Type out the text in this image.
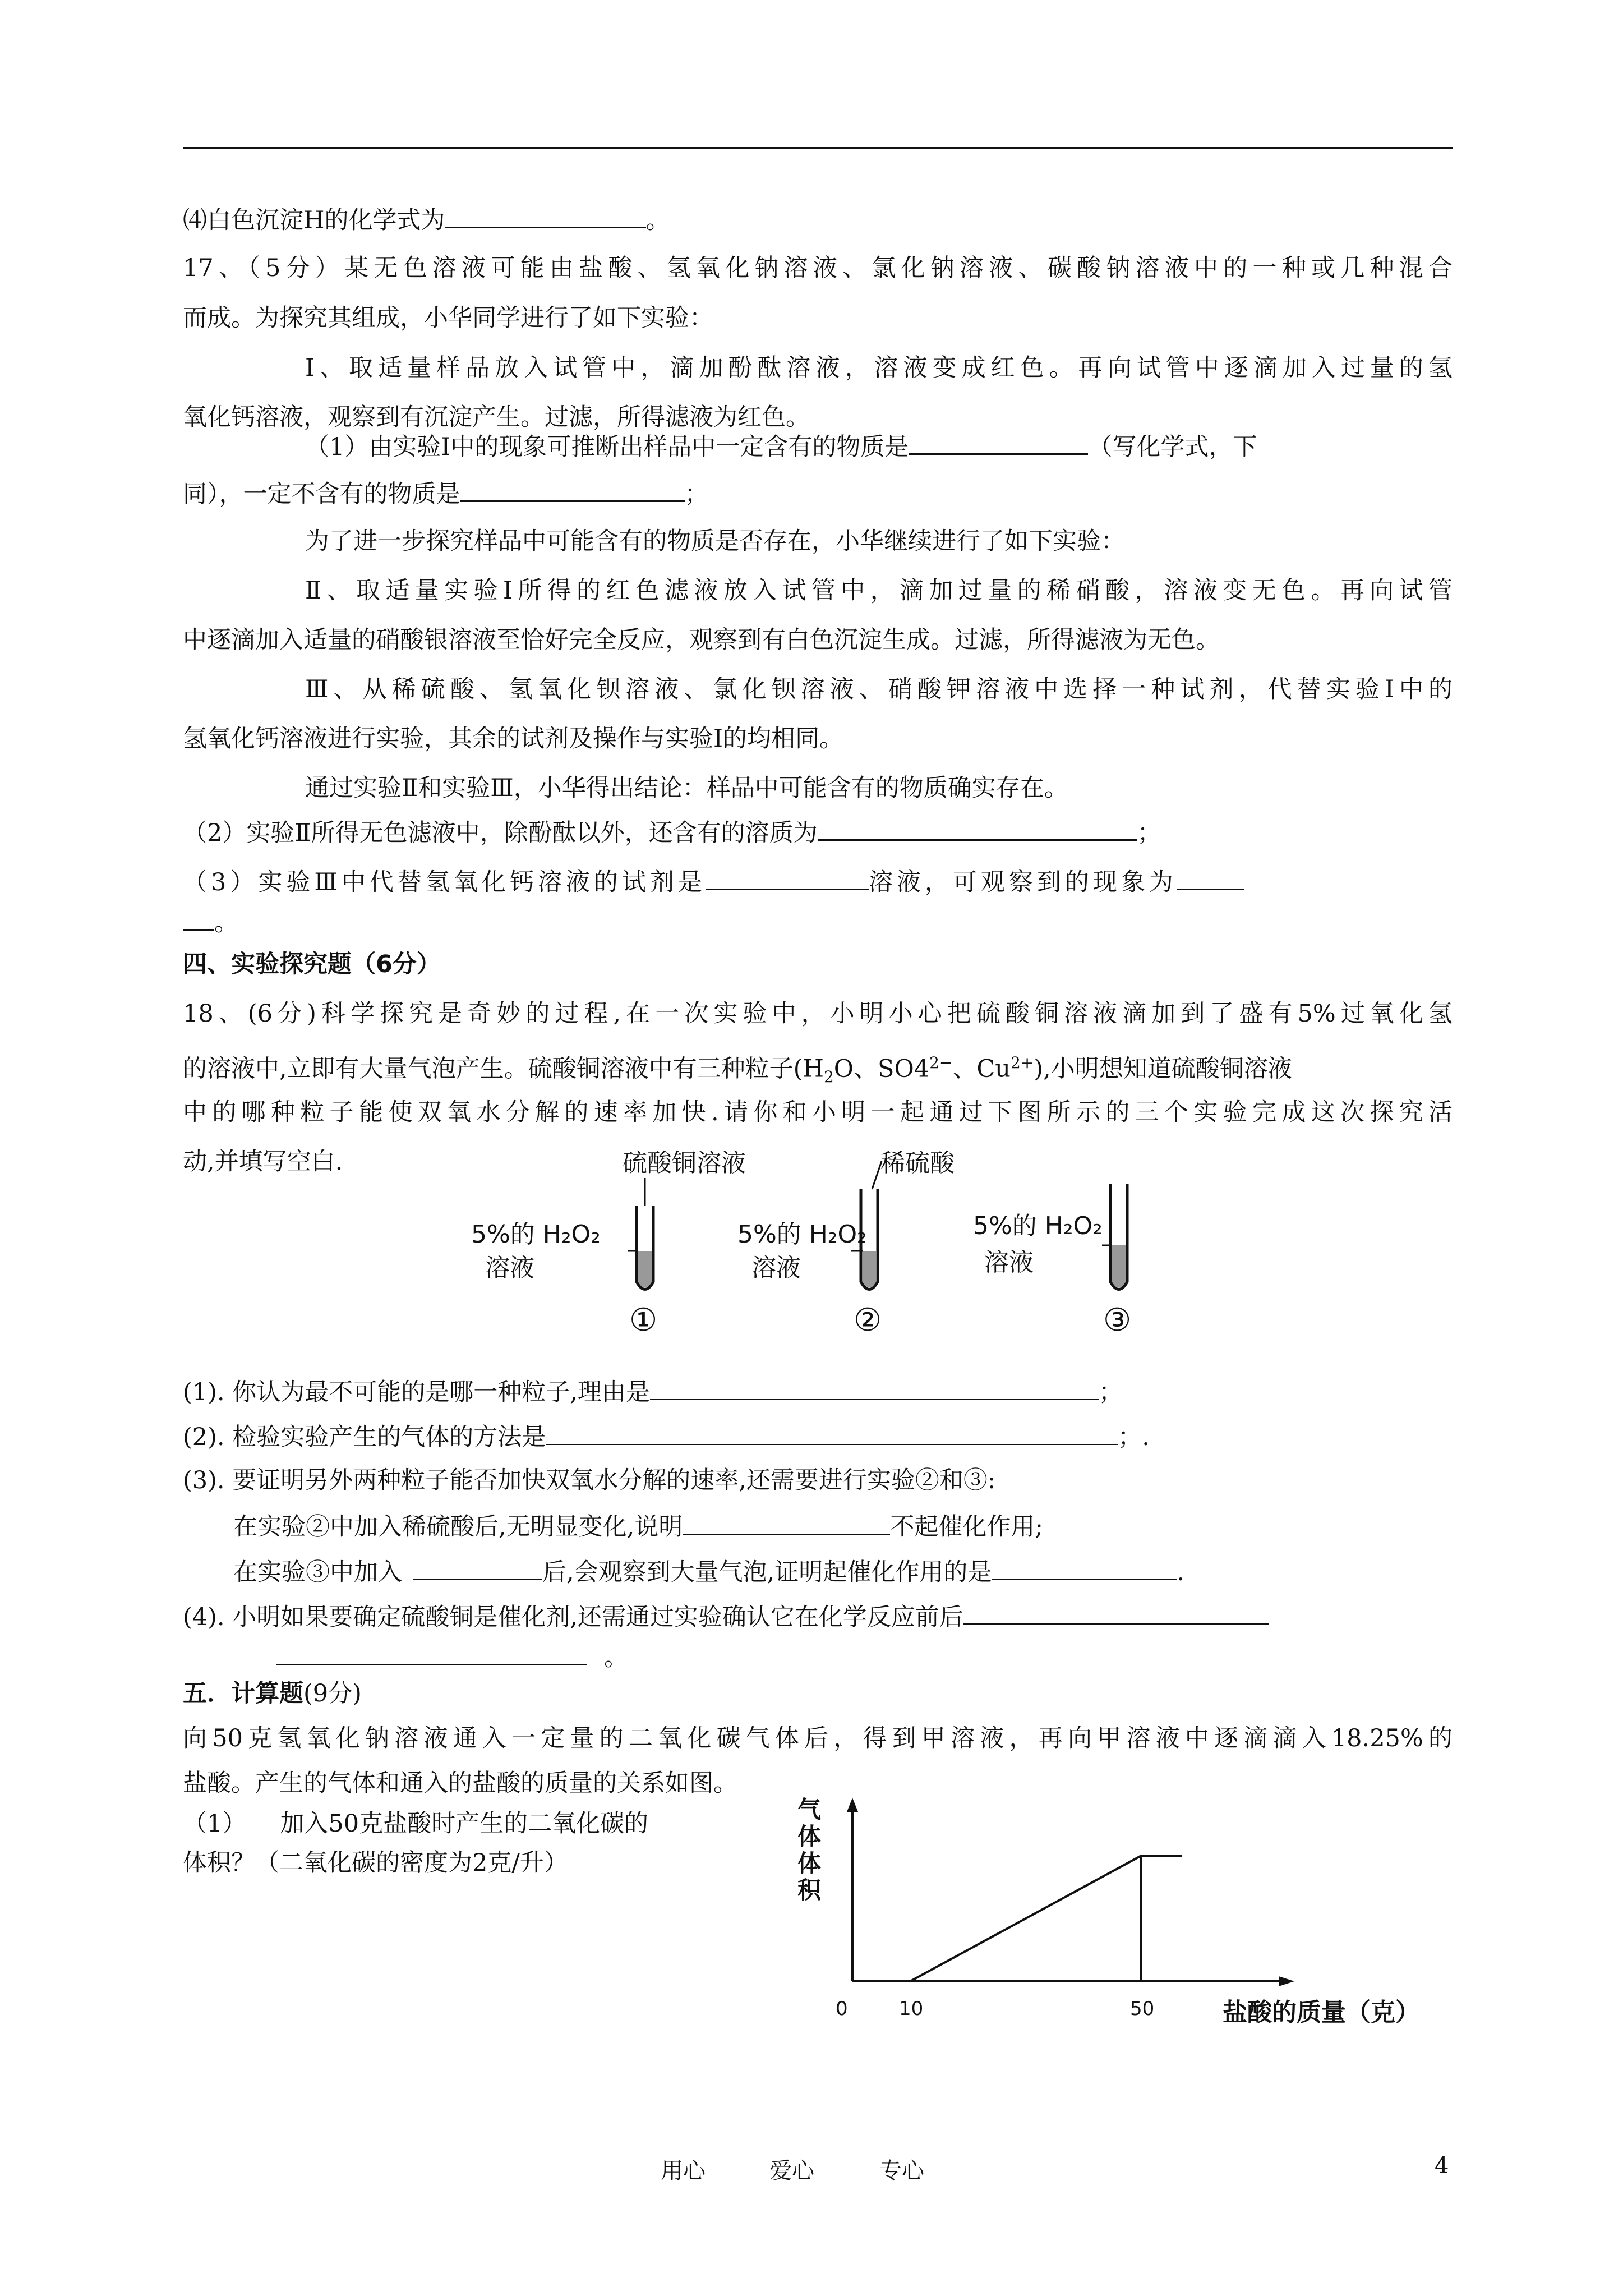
⑷白色沉淀H的化学式为	。
17、（5分）某无色溶液可能由盐酸、氢氧化钠溶液、氯化钠溶液、碳酸钠溶液中的一种或几种混合
而成。为探究其组成，小华同学进行了如下实验：
Ⅰ、取适量样品放入试管中，滴加酚酞溶液，溶液变成红色。再向试管中逐滴加入过量的氢
氧化钙溶液，观察到有沉淀产生。过滤，所得滤液为红色。
（1）由实验Ⅰ中的现象可推断出样品中一定含有的物质是	（写化学式，下
同），一定不含有的物质是	；
为了进一步探究样品中可能含有的物质是否存在，小华继续进行了如下实验：
Ⅱ、取适量实验Ⅰ所得的红色滤液放入试管中，滴加过量的稀硝酸，溶液变无色。再向试管
中逐滴加入适量的硝酸银溶液至恰好完全反应，观察到有白色沉淀生成。过滤，所得滤液为无色。
Ⅲ、从稀硫酸、氢氧化钡溶液、氯化钡溶液、硝酸钾溶液中选择一种试剂，代替实验Ⅰ中的
氢氧化钙溶液进行实验，其余的试剂及操作与实验Ⅰ的均相同。
通过实验Ⅱ和实验Ⅲ，小华得出结论：样品中可能含有的物质确实存在。
（2）实验Ⅱ所得无色滤液中，除酚酞以外，还含有的溶质为	；
（3）实验Ⅲ中代替氢氧化钙溶液的试剂是	溶液，可观察到的现象为
。
四、实验探究题（6分）
18、(6分)科学探究是奇妙的过程,在一次实验中，小明小心把硫酸铜溶液滴加到了盛有5%过氧化氢
的溶液中,立即有大量气泡产生。硫酸铜溶液中有三种粒子($H_2O$、$SO4^{2-}$、$Cu^{2+}$),小明想知道硫酸铜溶液
中的哪种粒子能使双氧水分解的速率加快.请你和小明一起通过下图所示的三个实验完成这次探究活
动,并填写空白.	硫酸铜溶液
5%的 H₂O₂
溶液
①
稀硫酸
5%的 H₂O₂
溶液
②
5%的 H₂O₂
溶液
③
(1). 你认为最不可能的是哪一种粒子,理由是	；
(2). 检验实验产生的气体的方法是	；.
(3). 要证明另外两种粒子能否加快双氧水分解的速率,还需要进行实验②和③:
在实验②中加入稀硫酸后,无明显变化,说明	不起催化作用;
在实验③中加入	后,会观察到大量气泡,证明起催化作用的是	.
(4). 小明如果要确定硫酸铜是催化剂,还需通过实验确认它在化学反应前后
。
五．计算题(9分)
向50克氢氧化钠溶液通入一定量的二氧化碳气体后，得到甲溶液，再向甲溶液中逐滴滴入18.25%的
盐酸。产生的气体和通入的盐酸的质量的关系如图。
（1） 加入50克盐酸时产生的二氧化碳的
体积？（二氧化碳的密度为2克/升）
气
体
体
积
0	10	50	盐酸的质量（克）
用心	爱心	专心	4
